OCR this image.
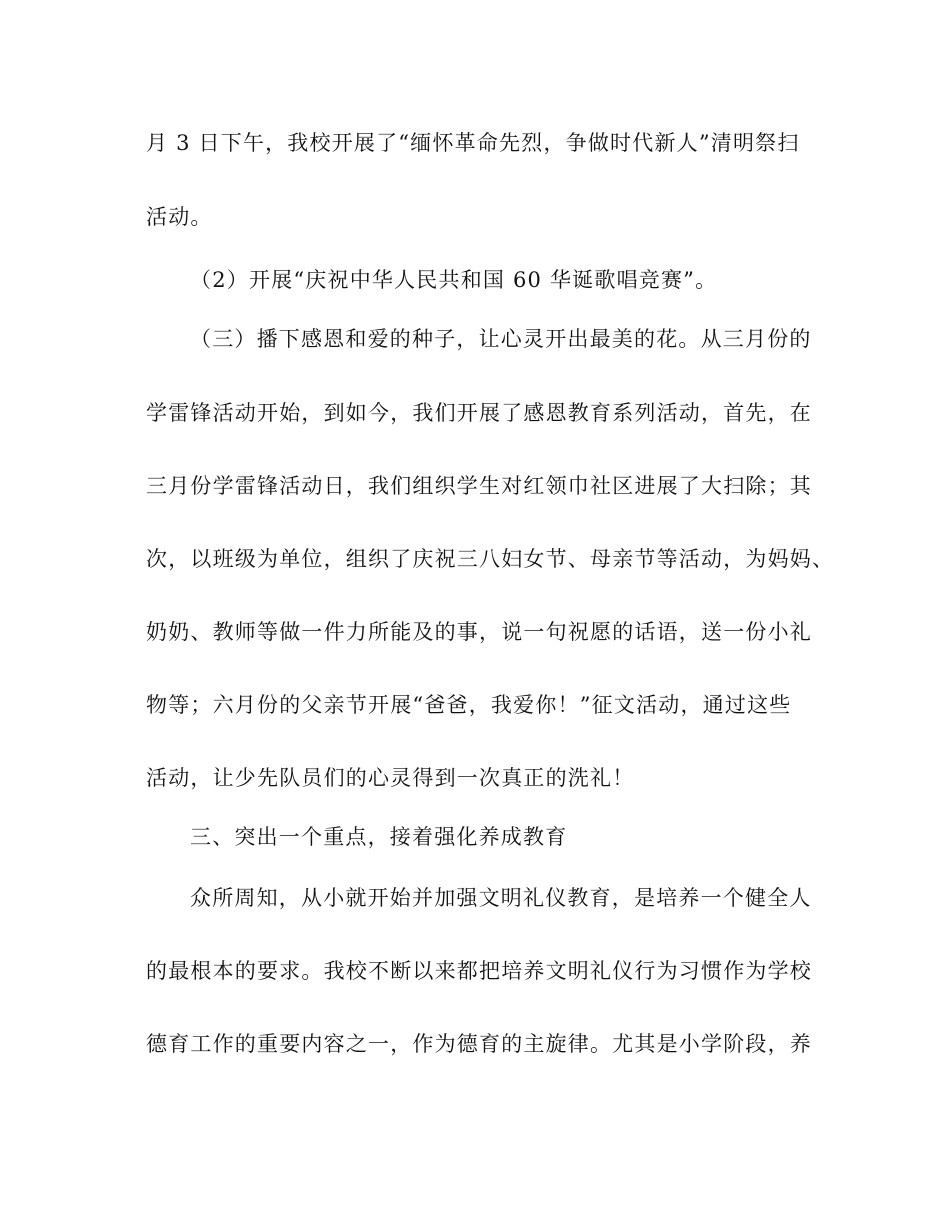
月 3 日下午，我校开展了“缅怀革命先烈，争做时代新人”清明祭扫
活动。
（2）开展“庆祝中华人民共和国 60 华诞歌唱竞赛”。
（三）播下感恩和爱的种子，让心灵开出最美的花。从三月份的
学雷锋活动开始，到如今，我们开展了感恩教育系列活动，首先，在
三月份学雷锋活动日，我们组织学生对红领巾社区进展了大扫除；其
次，以班级为单位，组织了庆祝三八妇女节、母亲节等活动，为妈妈、
奶奶、教师等做一件力所能及的事，说一句祝愿的话语，送一份小礼
物等；六月份的父亲节开展“爸爸，我爱你！”征文活动，通过这些
活动，让少先队员们的心灵得到一次真正的洗礼！
三、突出一个重点，接着强化养成教育
众所周知，从小就开始并加强文明礼仪教育，是培养一个健全人
的最根本的要求。我校不断以来都把培养文明礼仪行为习惯作为学校
德育工作的重要内容之一，作为德育的主旋律。尤其是小学阶段，养
